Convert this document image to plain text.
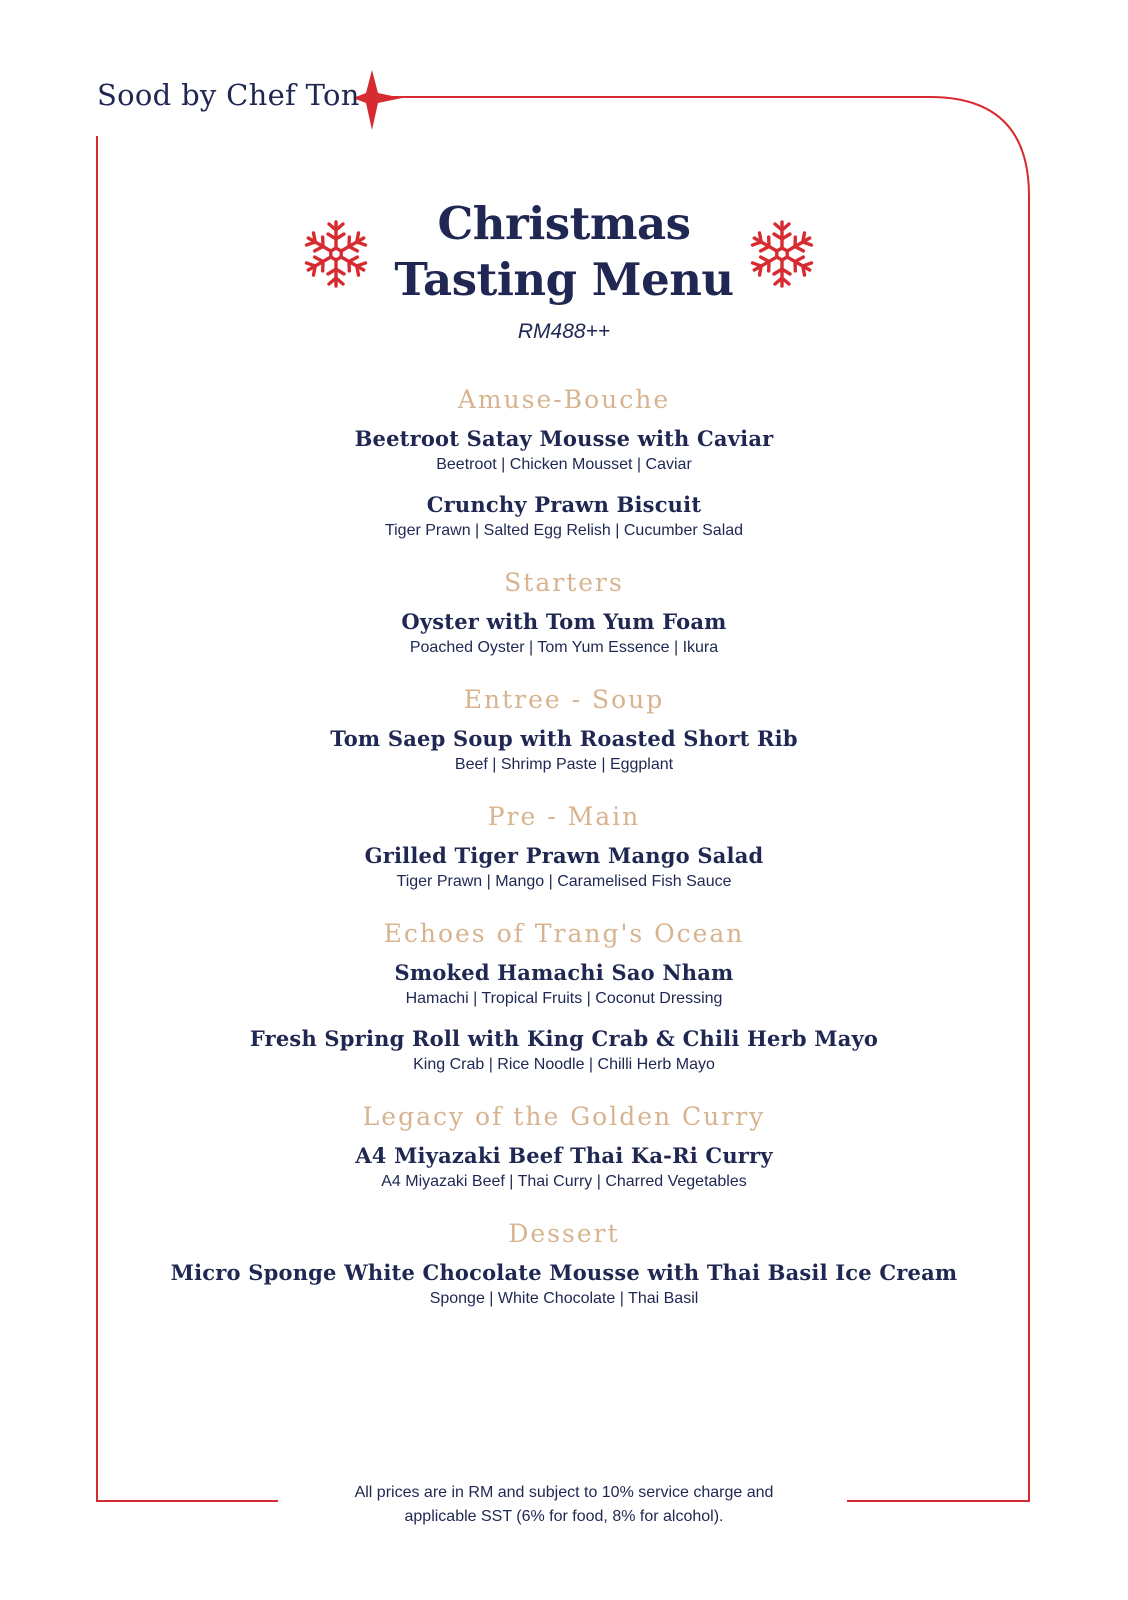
Sood by Chef Ton
Christmas
Tasting Menu
RM488++
Amuse-Bouche
Beetroot Satay Mousse with Caviar
Beetroot | Chicken Mousset | Caviar
Crunchy Prawn Biscuit
Tiger Prawn | Salted Egg Relish | Cucumber Salad
Starters
Oyster with Tom Yum Foam
Poached Oyster | Tom Yum Essence | Ikura
Entree - Soup
Tom Saep Soup with Roasted Short Rib
Beef | Shrimp Paste | Eggplant
Pre - Main
Grilled Tiger Prawn Mango Salad
Tiger Prawn | Mango | Caramelised Fish Sauce
Echoes of Trang's Ocean
Smoked Hamachi Sao Nham
Hamachi | Tropical Fruits | Coconut Dressing
Fresh Spring Roll with King Crab & Chili Herb Mayo
King Crab | Rice Noodle | Chilli Herb Mayo
Legacy of the Golden Curry
A4 Miyazaki Beef Thai Ka-Ri Curry
A4 Miyazaki Beef | Thai Curry | Charred Vegetables
Dessert
Micro Sponge White Chocolate Mousse with Thai Basil Ice Cream
Sponge | White Chocolate | Thai Basil
All prices are in RM and subject to 10% service charge and
applicable SST (6% for food, 8% for alcohol).
